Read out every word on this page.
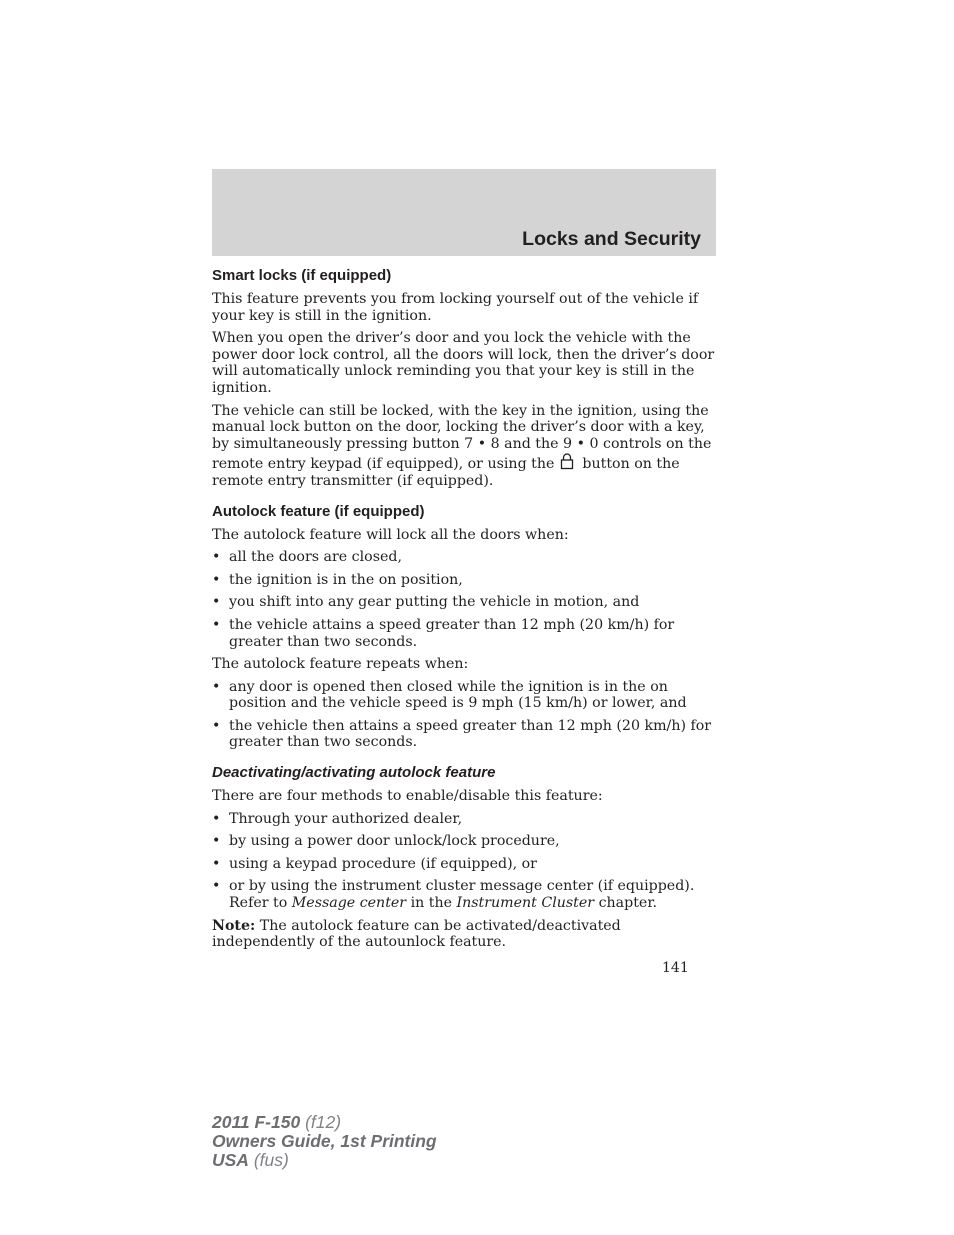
Locks and Security
Smart locks (if equipped)

This feature prevents you from locking yourself out of the vehicle if your key is still in the ignition.

When you open the driver’s door and you lock the vehicle with the power door lock control, all the doors will lock, then the driver’s door will automatically unlock reminding you that your key is still in the ignition.

The vehicle can still be locked, with the key in the ignition, using the manual lock button on the door, locking the driver’s door with a key, by simultaneously pressing button 7 • 8 and the 9 • 0 controls on the remote entry keypad (if equipped), or using the button on the remote entry transmitter (if equipped).

Autolock feature (if equipped)

The autolock feature will lock all the doors when:

• all the doors are closed,
• the ignition is in the on position,
• you shift into any gear putting the vehicle in motion, and
• the vehicle attains a speed greater than 12 mph (20 km/h) for greater than two seconds.

The autolock feature repeats when:

• any door is opened then closed while the ignition is in the on position and the vehicle speed is 9 mph (15 km/h) or lower, and
• the vehicle then attains a speed greater than 12 mph (20 km/h) for greater than two seconds.
Deactivating/activating autolock feature

There are four methods to enable/disable this feature:

• Through your authorized dealer,
• by using a power door unlock/lock procedure,
• using a keypad procedure (if equipped), or
• or by using the instrument cluster message center (if equipped). Refer to Message center in the Instrument Cluster chapter.

Note: The autolock feature can be activated/deactivated independently of the autounlock feature.

141
2011 F-150 (f12)
Owners Guide, 1st Printing
USA (fus)
